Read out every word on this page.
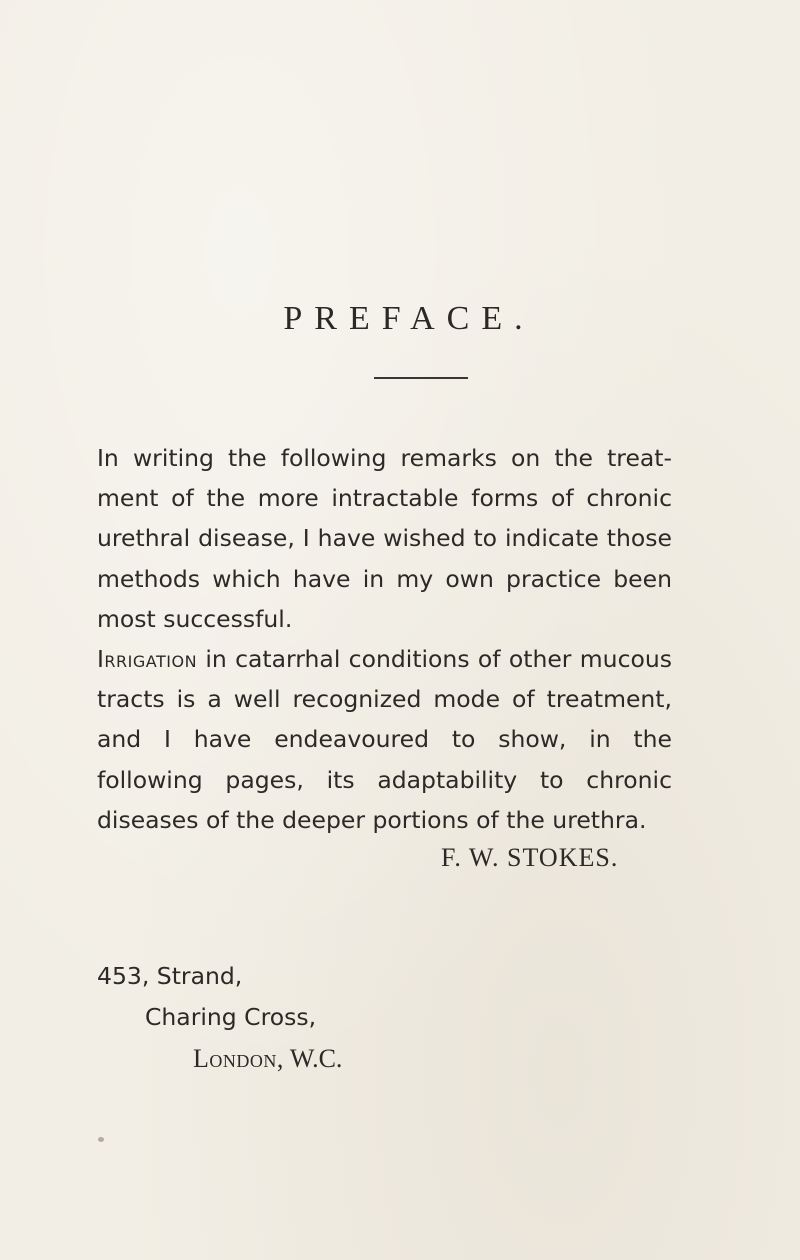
PREFACE.

In writing the following remarks on the treat- ment of the more intractable forms of chronic urethral disease, I have wished to indicate those methods which have in my own practice been most successful.

Irrigation in catarrhal conditions of other mucous tracts is a well recognized mode of treatment, and I have endeavoured to show, in the following pages, its adaptability to chronic diseases of the deeper portions of the urethra.

F. W. STOKES.
453, Strand,
Charing Cross,
London, W.C.
